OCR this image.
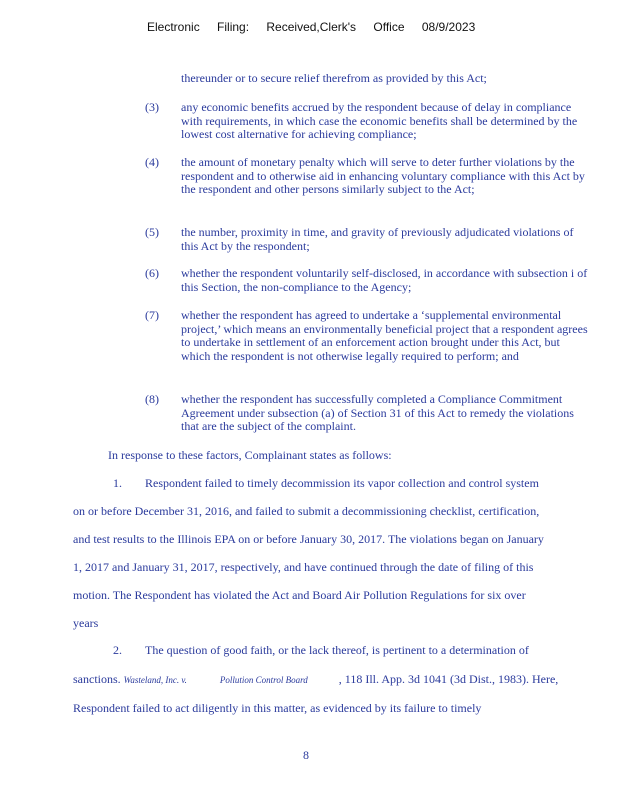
Electronic Filing: Received,Clerk's Office 08/9/2023
thereunder or to secure relief therefrom as provided by this Act;
(3)	any economic benefits accrued by the respondent because of delay in compliance with requirements, in which case the economic benefits shall be determined by the lowest cost alternative for achieving compliance;
(4)	the amount of monetary penalty which will serve to deter further violations by the respondent and to otherwise aid in enhancing voluntary compliance with this Act by the respondent and other persons similarly subject to the Act;
(5)	the number, proximity in time, and gravity of previously adjudicated violations of this Act by the respondent;
(6)	whether the respondent voluntarily self-disclosed, in accordance with subsection i of this Section, the non-compliance to the Agency;
(7)	whether the respondent has agreed to undertake a ‘supplemental environmental project,’ which means an environmentally beneficial project that a respondent agrees to undertake in settlement of an enforcement action brought under this Act, but which the respondent is not otherwise legally required to perform; and
(8)	whether the respondent has successfully completed a Compliance Commitment Agreement under subsection (a) of Section 31 of this Act to remedy the violations that are the subject of the complaint.
In response to these factors, Complainant states as follows:
1. Respondent failed to timely decommission its vapor collection and control system
on or before December 31, 2016, and failed to submit a decommissioning checklist, certification,
and test results to the Illinois EPA on or before January 30, 2017. The violations began on January
1, 2017 and January 31, 2017, respectively, and have continued through the date of filing of this
motion. The Respondent has violated the Act and Board Air Pollution Regulations for six over
years
2. The question of good faith, or the lack thereof, is pertinent to a determination of
sanctions. Wasteland, Inc. v.	Pollution Control Board	, 118 Ill. App. 3d 1041 (3d Dist., 1983). Here,
Respondent failed to act diligently in this matter, as evidenced by its failure to timely
8
